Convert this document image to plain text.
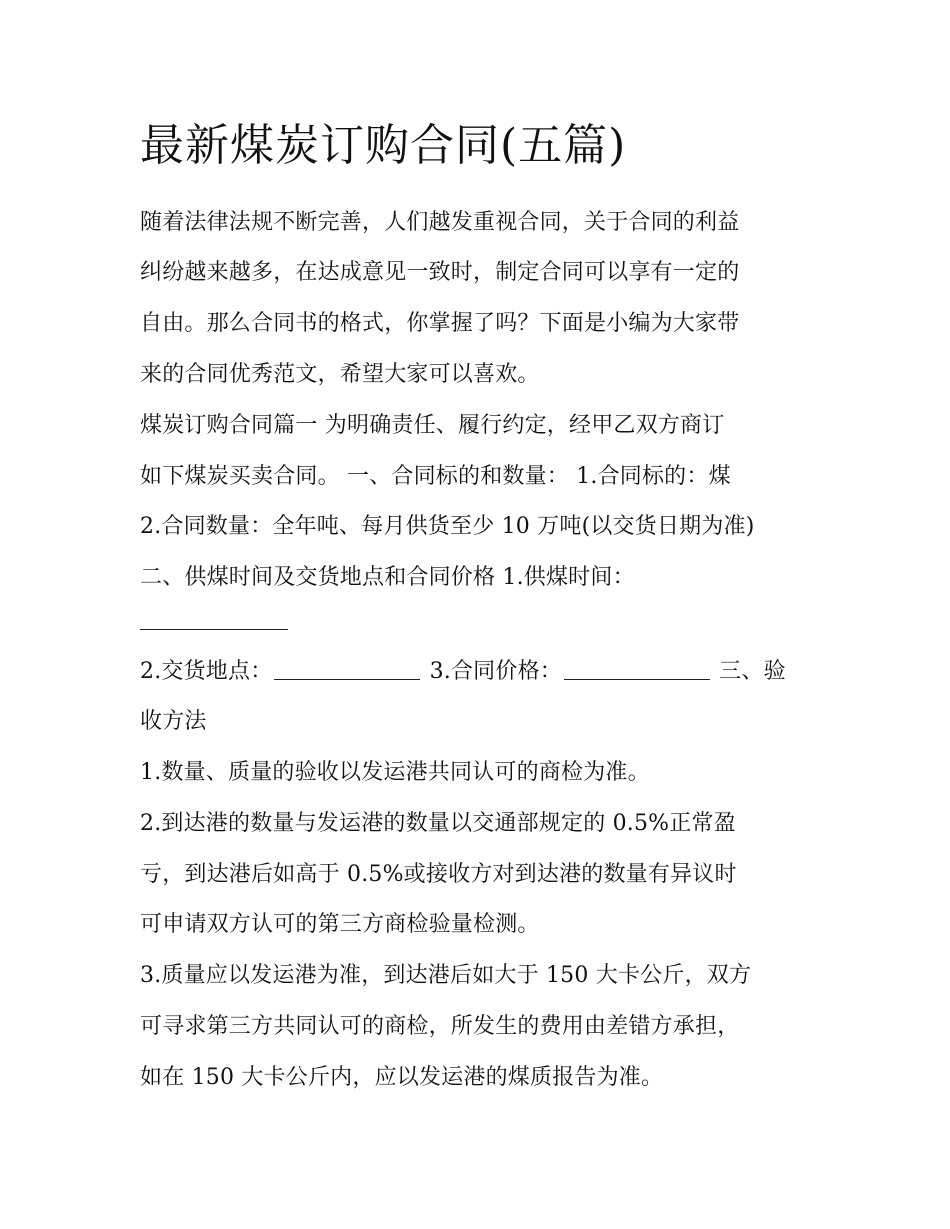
最新煤炭订购合同(五篇)
随着法律法规不断完善，人们越发重视合同，关于合同的利益
纠纷越来越多，在达成意见一致时，制定合同可以享有一定的
自由。那么合同书的格式，你掌握了吗？下面是小编为大家带
来的合同优秀范文，希望大家可以喜欢。
煤炭订购合同篇一 为明确责任、履行约定，经甲乙双方商订
如下煤炭买卖合同。 一、合同标的和数量： 1.合同标的：煤
2.合同数量：全年吨、每月供货至少 10 万吨(以交货日期为准)
二、供煤时间及交货地点和合同价格 1.供煤时间：
2.交货地点：	3.合同价格：	三、验
收方法
1.数量、质量的验收以发运港共同认可的商检为准。
2.到达港的数量与发运港的数量以交通部规定的 0.5%正常盈
亏，到达港后如高于 0.5%或接收方对到达港的数量有异议时
可申请双方认可的第三方商检验量检测。
3.质量应以发运港为准，到达港后如大于 150 大卡公斤，双方
可寻求第三方共同认可的商检，所发生的费用由差错方承担，
如在 150 大卡公斤内，应以发运港的煤质报告为准。
